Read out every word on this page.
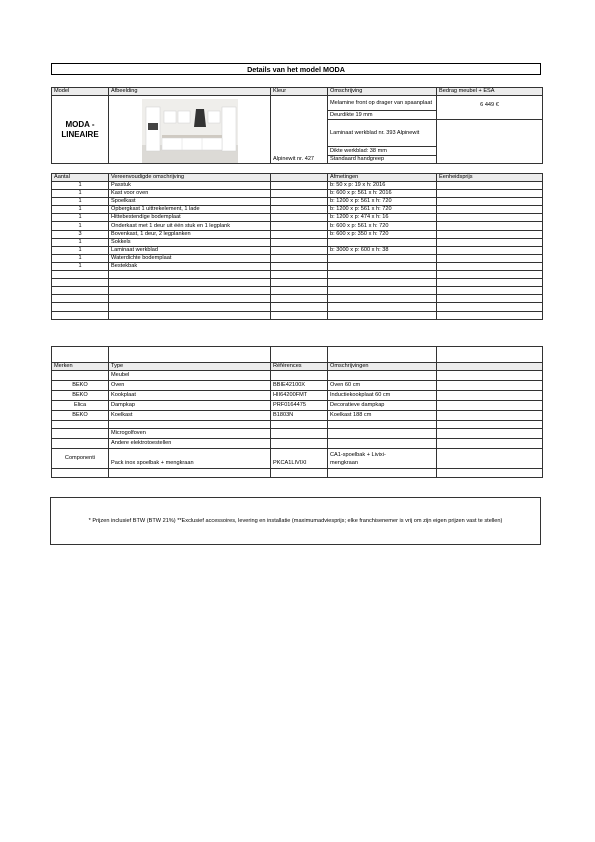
Details van het model MODA
Model	Afbeelding	Kleur	Omschrijving	Bedrag meubel + ESA
MODA - LINEAIRE		Alpinewit nr. 427	Melamine front op drager van spaanplaat	6 449 €
			Deurdikte 19 mm	
			Laminaat werkblad nr. 393 Alpinewit	
			Dikte werkblad: 38 mm	
			Standaard handgreep	
Aantal	Vereenvoudigde omschrijving		Afmetingen	Eenheidsprijs
1	Passtuk		b: 50 x p: 19 x h: 2016	
1	Kast voor oven		b: 600 x p: 561 x h: 2016	
1	Spoelkast		b: 1200 x p: 561 x h: 720	
1	Opbergkast 1 uittrekelement, 1 lade		b: 1200 x p: 561 x h: 720	
1	Hittebestendige bodemplaat		b: 1200 x p: 474 x h: 16	
1	Onderkast met 1 deur uit één stuk en 1 legplank		b: 600 x p: 561 x h: 720	
3	Bovenkast, 1 deur, 2 legplanken		b: 600 x p: 350 x h: 720	
1	Sokkels			
1	Laminaat werkblad		b: 3000 x p: 600 x h: 38	
1	Waterdichte bodemplaat			
1	Bestekbak			

Merken	Type	Références	Omschrijvingen	
	Meubel			
BEKO	Oven	BBIE42100X	Oven 60 cm	
BEKO	Kookplaat	HII64200FMT	Inductiekookplaat 60 cm	
Elica	Dampkap	PRF0164475	Decoratieve dampkap	
BEKO	Koelkast	B1803N	Koelkast 188 cm	

	Microgolfoven			
	Andere elektrotoestellen			
Componenti	Pack inox spoelbak + mengkraan	PKCA1LIVIXI	CA1-spoelbak + Livixi-
mengkraan	

* Prijzen inclusief BTW (BTW 21%) **Exclusief accessoires, levering en installatie (maximumadviesprijs; elke franchisenemer is vrij om zijn eigen prijzen vast te stellen)
